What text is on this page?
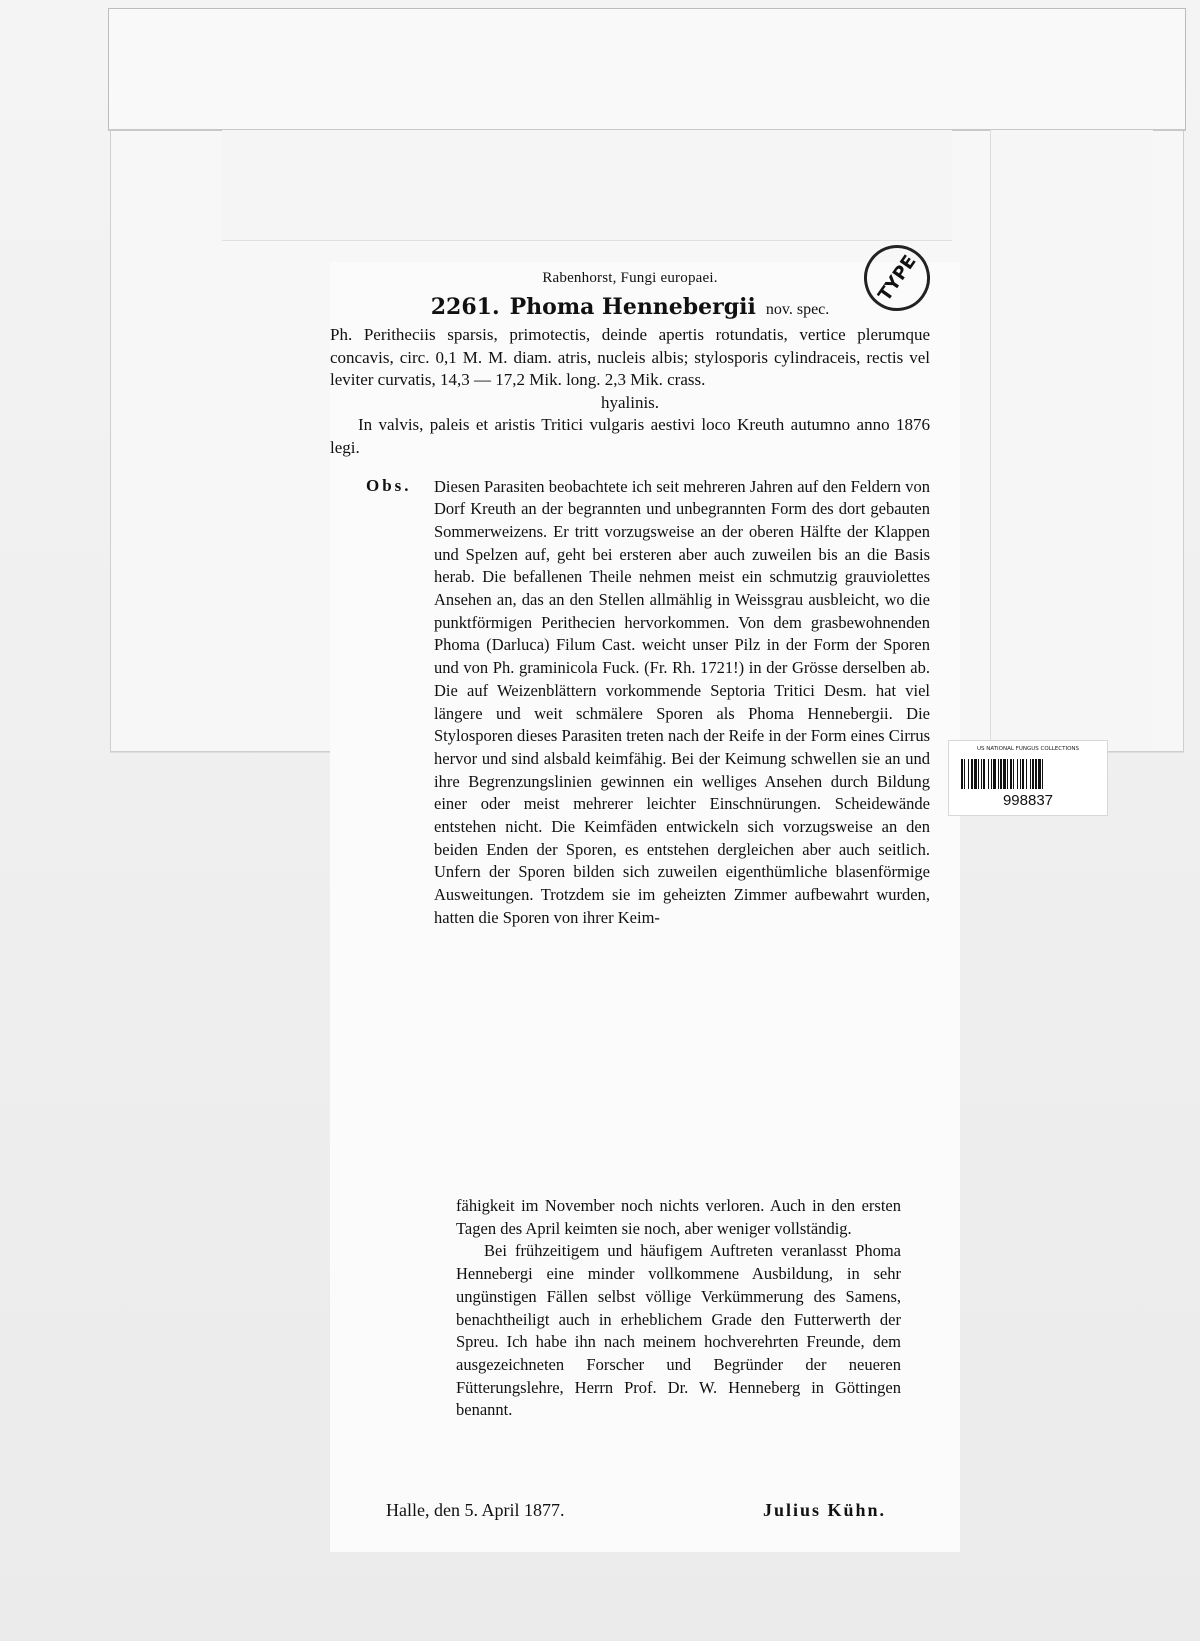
Rabenhorst, Fungi europaei.

2261. Phoma Hennebergii nov. spec.

Ph. Peritheciis sparsis, primotectis, deinde apertis rotundatis, vertice plerumque concavis, circ. 0,1 M. M. diam. atris, nucleis albis; stylosporis cylindraceis, rectis vel leviter curvatis, 14,3 — 17,2 Mik. long. 2,3 Mik. crass.

hyalinis.

In valvis, paleis et aristis Tritici vulgaris aestivi loco Kreuth autumno anno 1876 legi.

Obs. Diesen Parasiten beobachtete ich seit mehreren Jahren auf den Feldern von Dorf Kreuth an der begrannten und unbegrannten Form des dort gebauten Sommerweizens. Er tritt vorzugsweise an der oberen Hälfte der Klappen und Spelzen auf, geht bei ersteren aber auch zuweilen bis an die Basis herab. Die befallenen Theile nehmen meist ein schmutzig grauviolettes Ansehen an, das an den Stellen allmählig in Weissgrau ausbleicht, wo die punktförmigen Perithecien hervorkommen. Von dem grasbewohnenden Phoma (Darluca) Filum Cast. weicht unser Pilz in der Form der Sporen und von Ph. graminicola Fuck. (Fr. Rh. 1721!) in der Grösse derselben ab. Die auf Weizenblättern vorkommende Septoria Tritici Desm. hat viel längere und weit schmälere Sporen als Phoma Hennebergii. Die Stylosporen dieses Parasiten treten nach der Reife in der Form eines Cirrus hervor und sind alsbald keimfähig. Bei der Keimung schwellen sie an und ihre Begrenzungslinien gewinnen ein welliges Ansehen durch Bildung einer oder meist mehrerer leichter Einschnürungen. Scheidewände entstehen nicht. Die Keimfäden entwickeln sich vorzugsweise an den beiden Enden der Sporen, es entstehen dergleichen aber auch seitlich. Unfern der Sporen bilden sich zuweilen eigenthümliche blasenförmige Ausweitungen. Trotzdem sie im geheizten Zimmer aufbewahrt wurden, hatten die Sporen von ihrer Keim-

fähigkeit im November noch nichts verloren. Auch in den ersten Tagen des April keimten sie noch, aber weniger vollständig.

Bei frühzeitigem und häufigem Auftreten veranlasst Phoma Hennebergi eine minder vollkommene Ausbildung, in sehr ungünstigen Fällen selbst völlige Verkümmerung des Samens, benachtheiligt auch in erheblichem Grade den Futterwerth der Spreu. Ich habe ihn nach meinem hochverehrten Freunde, dem ausgezeichneten Forscher und Begründer der neueren Fütterungslehre, Herrn Prof. Dr. W. Henneberg in Göttingen benannt.

Halle, den 5. April 1877.	Julius Kühn.
TYPE
US NATIONAL FUNGUS COLLECTIONS
998837
